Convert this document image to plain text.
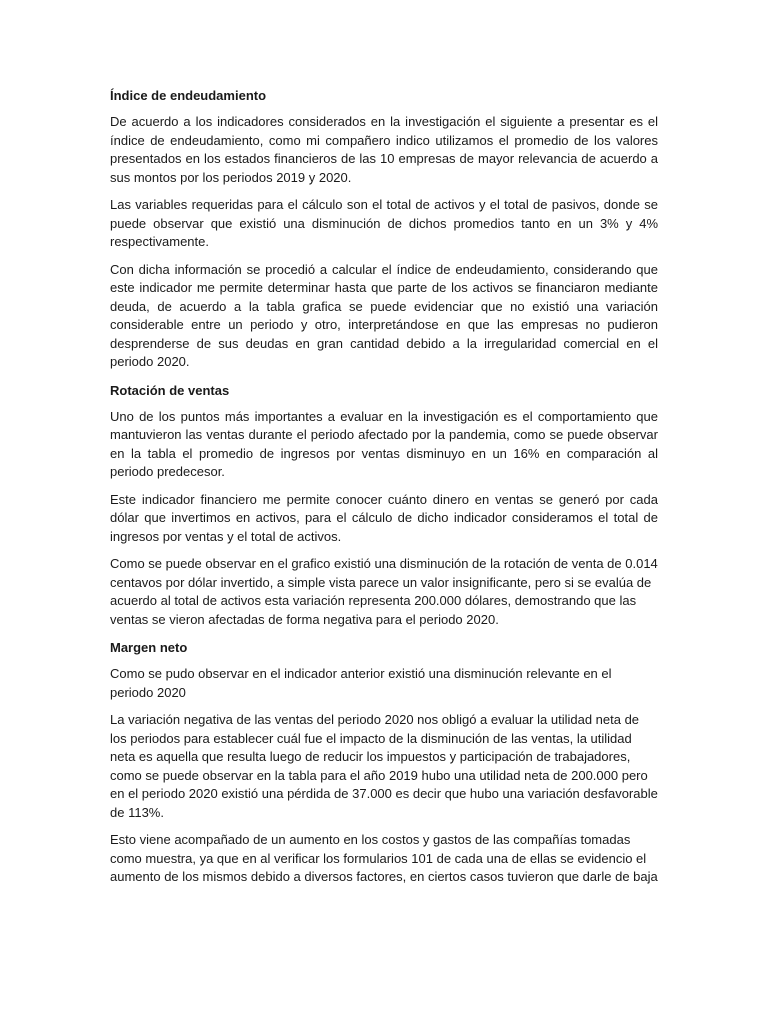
Índice de endeudamiento

De acuerdo a los indicadores considerados en la investigación el siguiente a presentar es el índice de endeudamiento, como mi compañero indico utilizamos el promedio de los valores presentados en los estados financieros de las 10 empresas de mayor relevancia de acuerdo a sus montos por los periodos 2019 y 2020.

Las variables requeridas para el cálculo son el total de activos y el total de pasivos, donde se puede observar que existió una disminución de dichos promedios tanto en un 3% y 4% respectivamente.

Con dicha información se procedió a calcular el índice de endeudamiento, considerando que este indicador me permite determinar hasta que parte de los activos se financiaron mediante deuda, de acuerdo a la tabla grafica se puede evidenciar que no existió una variación considerable entre un periodo y otro, interpretándose en que las empresas no pudieron desprenderse de sus deudas en gran cantidad debido a la irregularidad comercial en el periodo 2020.

Rotación de ventas

Uno de los puntos más importantes a evaluar en la investigación es el comportamiento que mantuvieron las ventas durante el periodo afectado por la pandemia, como se puede observar en la tabla el promedio de ingresos por ventas disminuyo en un 16% en comparación al periodo predecesor.

Este indicador financiero me permite conocer cuánto dinero en ventas se generó por cada dólar que invertimos en activos, para el cálculo de dicho indicador consideramos el total de ingresos por ventas y el total de activos.

Como se puede observar en el grafico existió una disminución de la rotación de venta de 0.014 centavos por dólar invertido, a simple vista parece un valor insignificante, pero si se evalúa de acuerdo al total de activos esta variación representa 200.000 dólares, demostrando que las ventas se vieron afectadas de forma negativa para el periodo 2020.

Margen neto

Como se pudo observar en el indicador anterior existió una disminución relevante en el periodo 2020

La variación negativa de las ventas del periodo 2020 nos obligó a evaluar la utilidad neta de los periodos para establecer cuál fue el impacto de la disminución de las ventas, la utilidad neta es aquella que resulta luego de reducir los impuestos y participación de trabajadores, como se puede observar en la tabla para el año 2019 hubo una utilidad neta de 200.000 pero en el periodo 2020 existió una pérdida de 37.000 es decir que hubo una variación desfavorable de 113%.

Esto viene acompañado de un aumento en los costos y gastos de las compañías tomadas como muestra, ya que en al verificar los formularios 101 de cada una de ellas se evidencio el aumento de los mismos debido a diversos factores, en ciertos casos tuvieron que darle de baja
